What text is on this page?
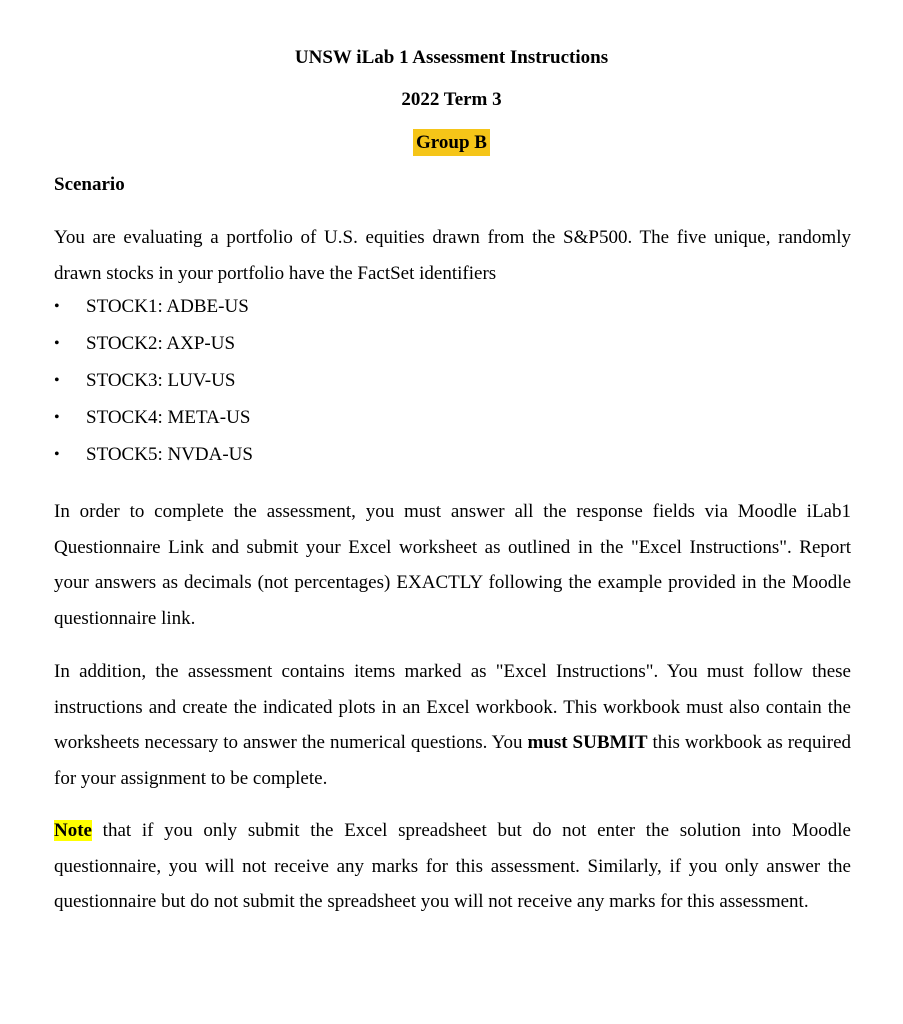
UNSW iLab 1 Assessment Instructions
2022 Term 3
Group B
Scenario
You are evaluating a portfolio of U.S. equities drawn from the S&P500. The five unique, randomly drawn stocks in your portfolio have the FactSet identifiers
•	STOCK1: ADBE-US
•	STOCK2: AXP-US
•	STOCK3: LUV-US
•	STOCK4: META-US
•	STOCK5: NVDA-US
In order to complete the assessment, you must answer all the response fields via Moodle iLab1 Questionnaire Link and submit your Excel worksheet as outlined in the "Excel Instructions". Report your answers as decimals (not percentages) EXACTLY following the example provided in the Moodle questionnaire link.
In addition, the assessment contains items marked as "Excel Instructions". You must follow these instructions and create the indicated plots in an Excel workbook. This workbook must also contain the worksheets necessary to answer the numerical questions. You must SUBMIT this workbook as required for your assignment to be complete.
Note that if you only submit the Excel spreadsheet but do not enter the solution into Moodle questionnaire, you will not receive any marks for this assessment. Similarly, if you only answer the questionnaire but do not submit the spreadsheet you will not receive any marks for this assessment.
